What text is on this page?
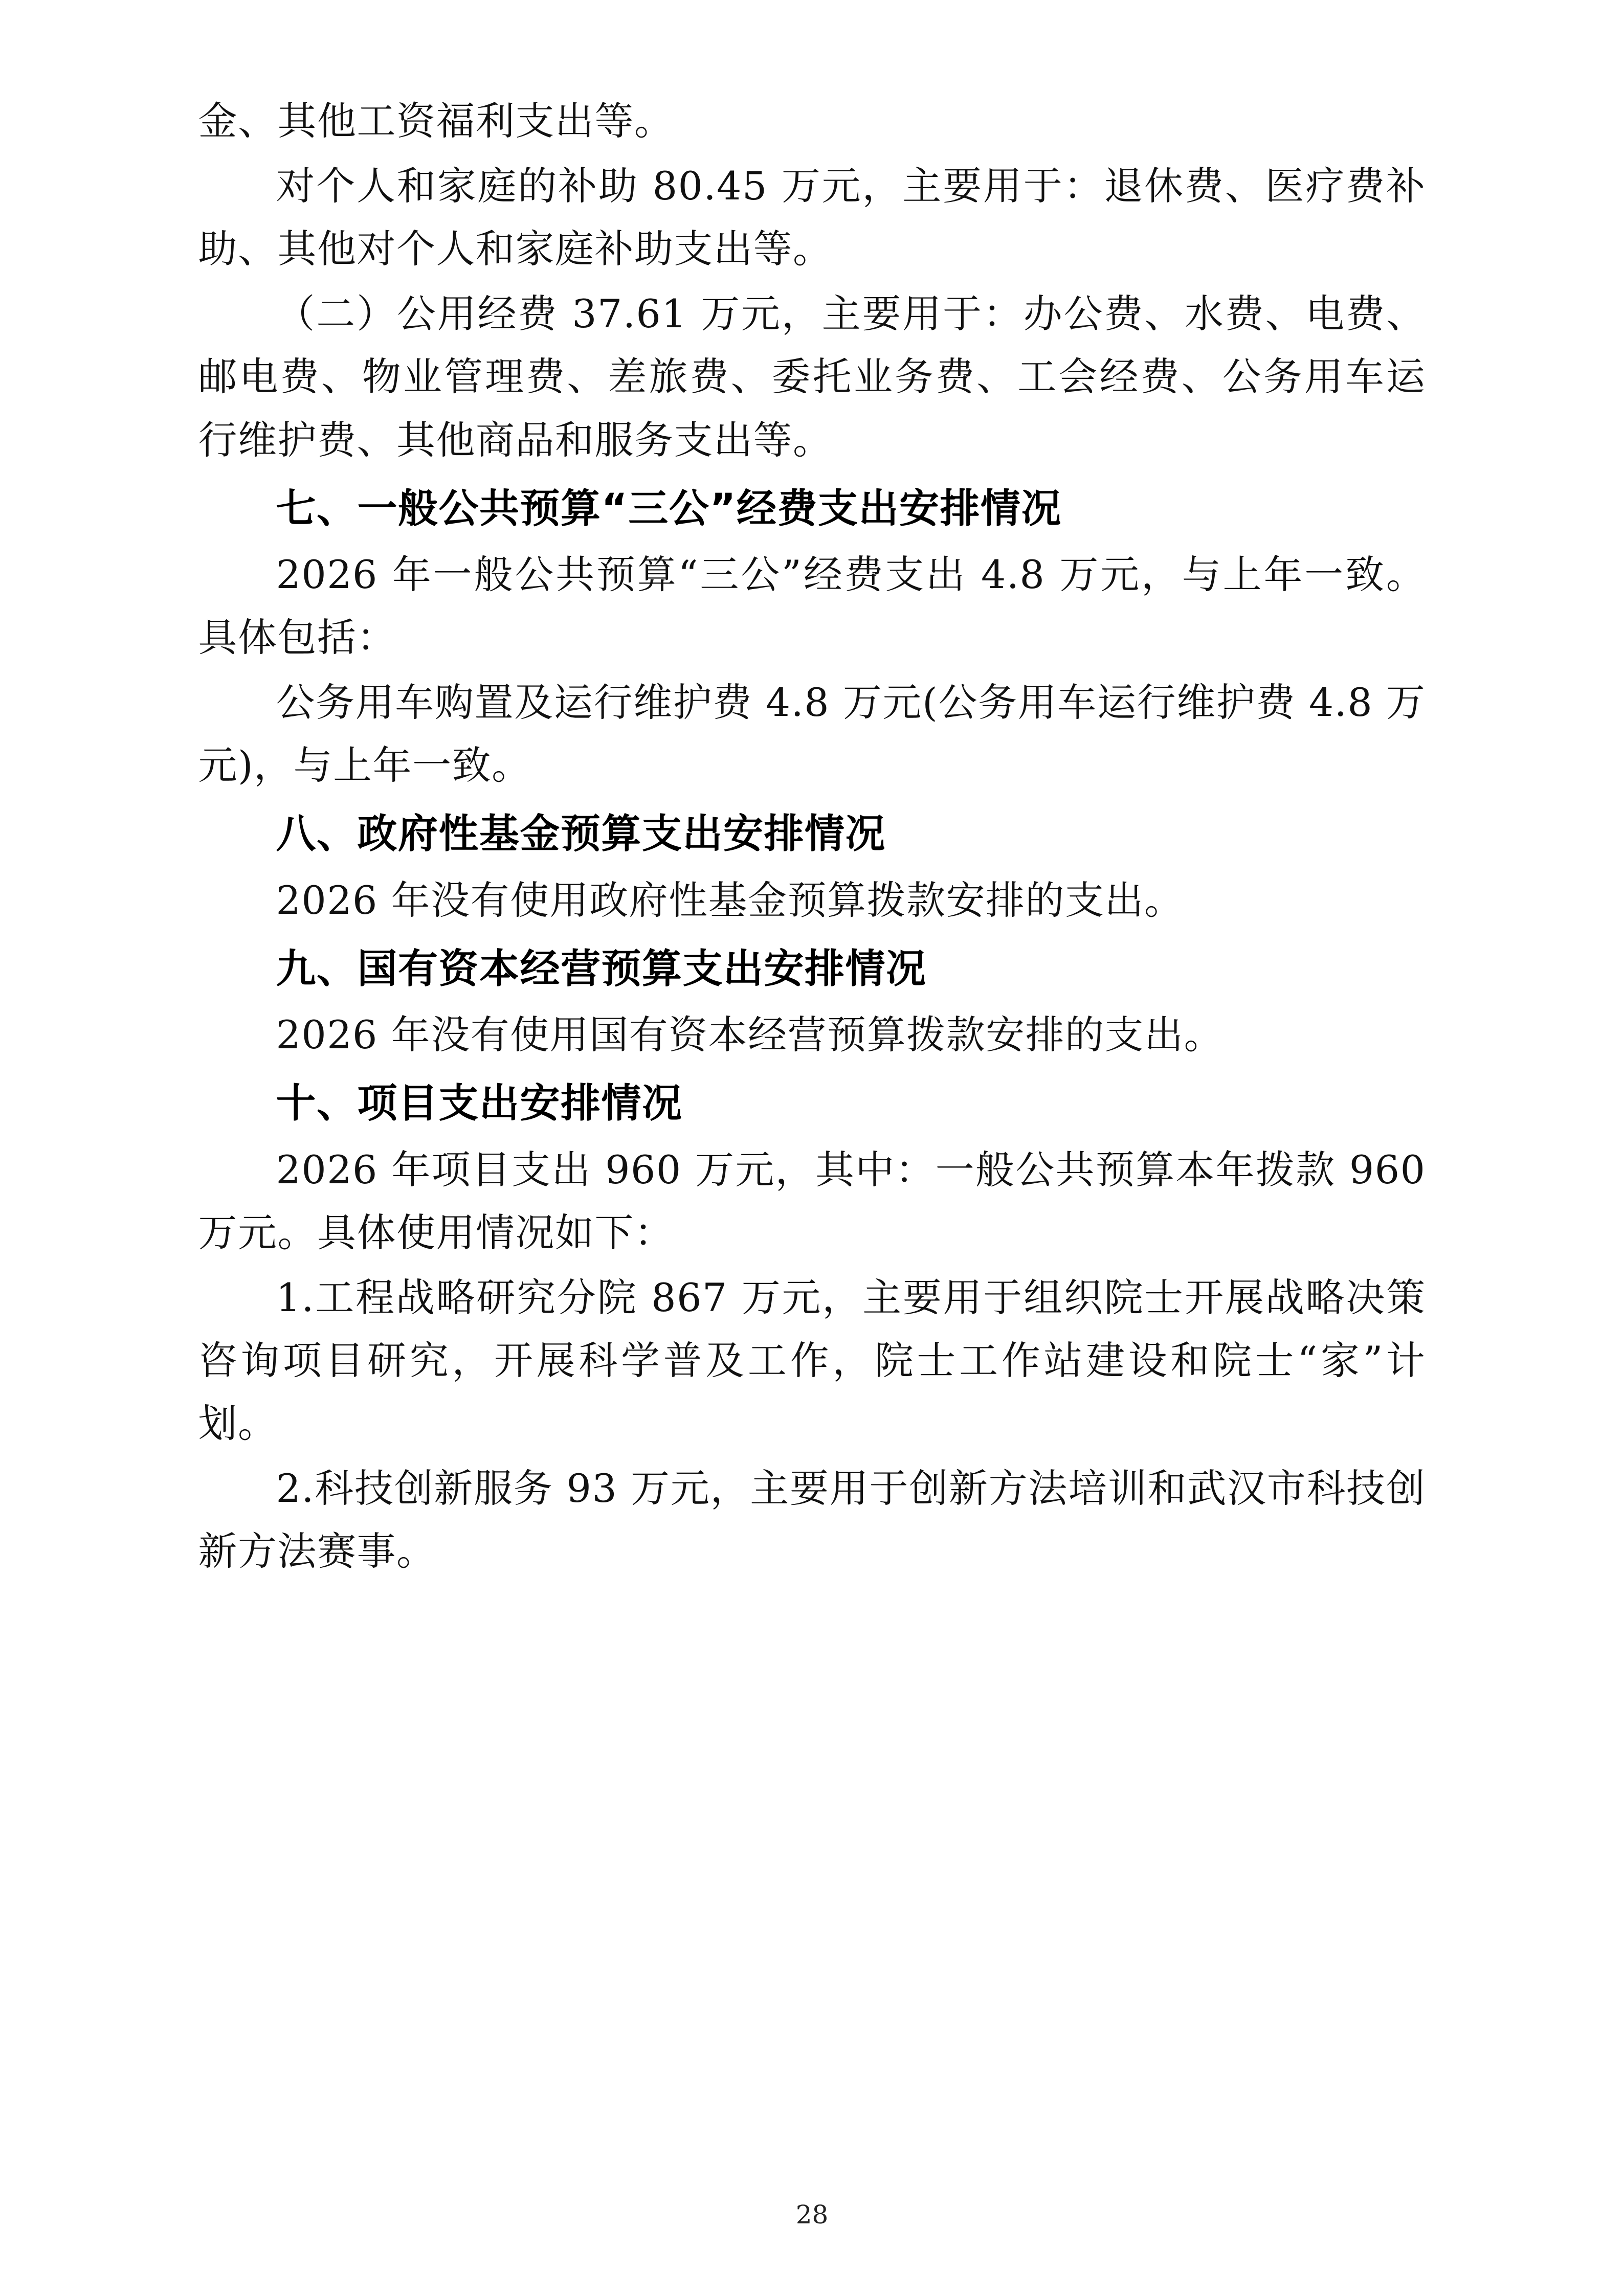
金、其他工资福利支出等。

对个人和家庭的补助 80.45 万元，主要用于：退休费、医疗费补助、其他对个人和家庭补助支出等。

（二）公用经费 37.61 万元，主要用于：办公费、水费、电费、邮电费、物业管理费、差旅费、委托业务费、工会经费、公务用车运行维护费、其他商品和服务支出等。

七、一般公共预算“三公”经费支出安排情况

2026 年一般公共预算“三公”经费支出 4.8 万元，与上年一致。具体包括：

公务用车购置及运行维护费 4.8 万元(公务用车运行维护费 4.8 万元)，与上年一致。

八、政府性基金预算支出安排情况

2026 年没有使用政府性基金预算拨款安排的支出。

九、国有资本经营预算支出安排情况

2026 年没有使用国有资本经营预算拨款安排的支出。

十、项目支出安排情况

2026 年项目支出 960 万元，其中：一般公共预算本年拨款 960 万元。具体使用情况如下：

1.工程战略研究分院 867 万元，主要用于组织院士开展战略决策咨询项目研究，开展科学普及工作，院士工作站建设和院士“家”计划。

2.科技创新服务 93 万元，主要用于创新方法培训和武汉市科技创新方法赛事。

28
